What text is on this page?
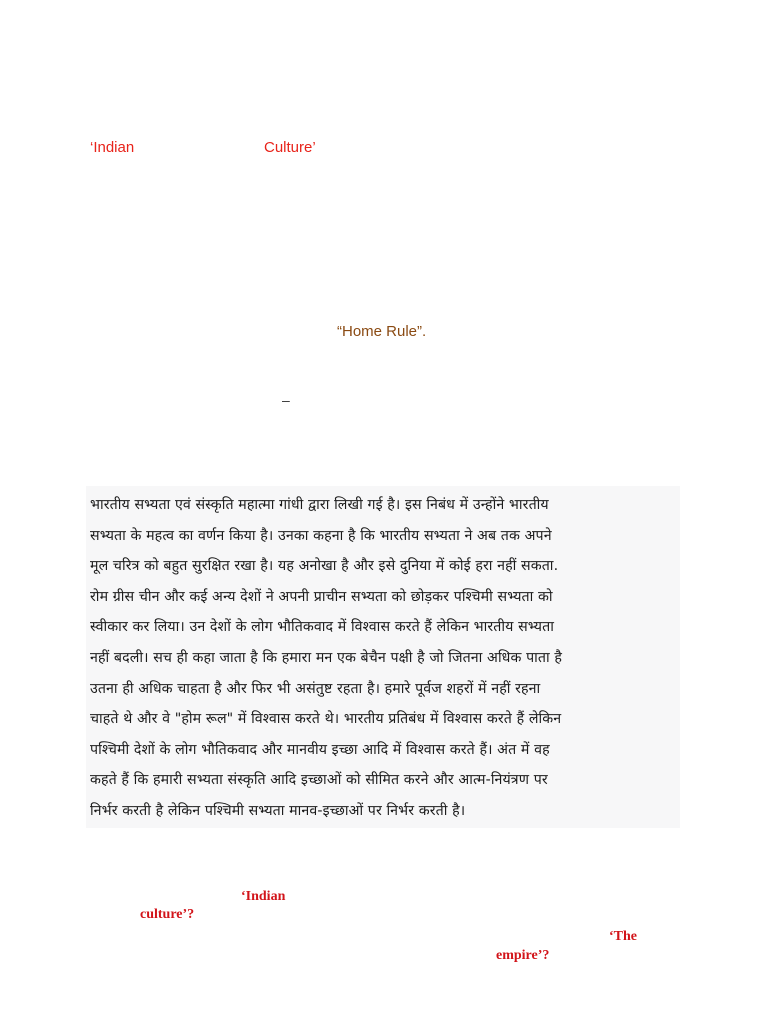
‘Indian	Culture’
“Home Rule”.
–
भारतीय सभ्यता एवं संस्कृति महात्मा गांधी द्वारा लिखी गई है। इस निबंध में उन्होंने भारतीय
सभ्यता के महत्व का वर्णन किया है। उनका कहना है कि भारतीय सभ्यता ने अब तक अपने
मूल चरित्र को बहुत सुरक्षित रखा है। यह अनोखा है और इसे दुनिया में कोई हरा नहीं सकता.
रोम ग्रीस चीन और कई अन्य देशों ने अपनी प्राचीन सभ्यता को छोड़कर पश्चिमी सभ्यता को
स्वीकार कर लिया। उन देशों के लोग भौतिकवाद में विश्वास करते हैं लेकिन भारतीय सभ्यता
नहीं बदली। सच ही कहा जाता है कि हमारा मन एक बेचैन पक्षी है जो जितना अधिक पाता है
उतना ही अधिक चाहता है और फिर भी असंतुष्ट रहता है। हमारे पूर्वज शहरों में नहीं रहना
चाहते थे और वे "होम रूल" में विश्वास करते थे। भारतीय प्रतिबंध में विश्वास करते हैं लेकिन
पश्चिमी देशों के लोग भौतिकवाद और मानवीय इच्छा आदि में विश्वास करते हैं। अंत में वह
कहते हैं कि हमारी सभ्यता संस्कृति आदि इच्छाओं को सीमित करने और आत्म-नियंत्रण पर
निर्भर करती है लेकिन पश्चिमी सभ्यता मानव-इच्छाओं पर निर्भर करती है।
‘Indian
culture’?
‘The
empire’?
